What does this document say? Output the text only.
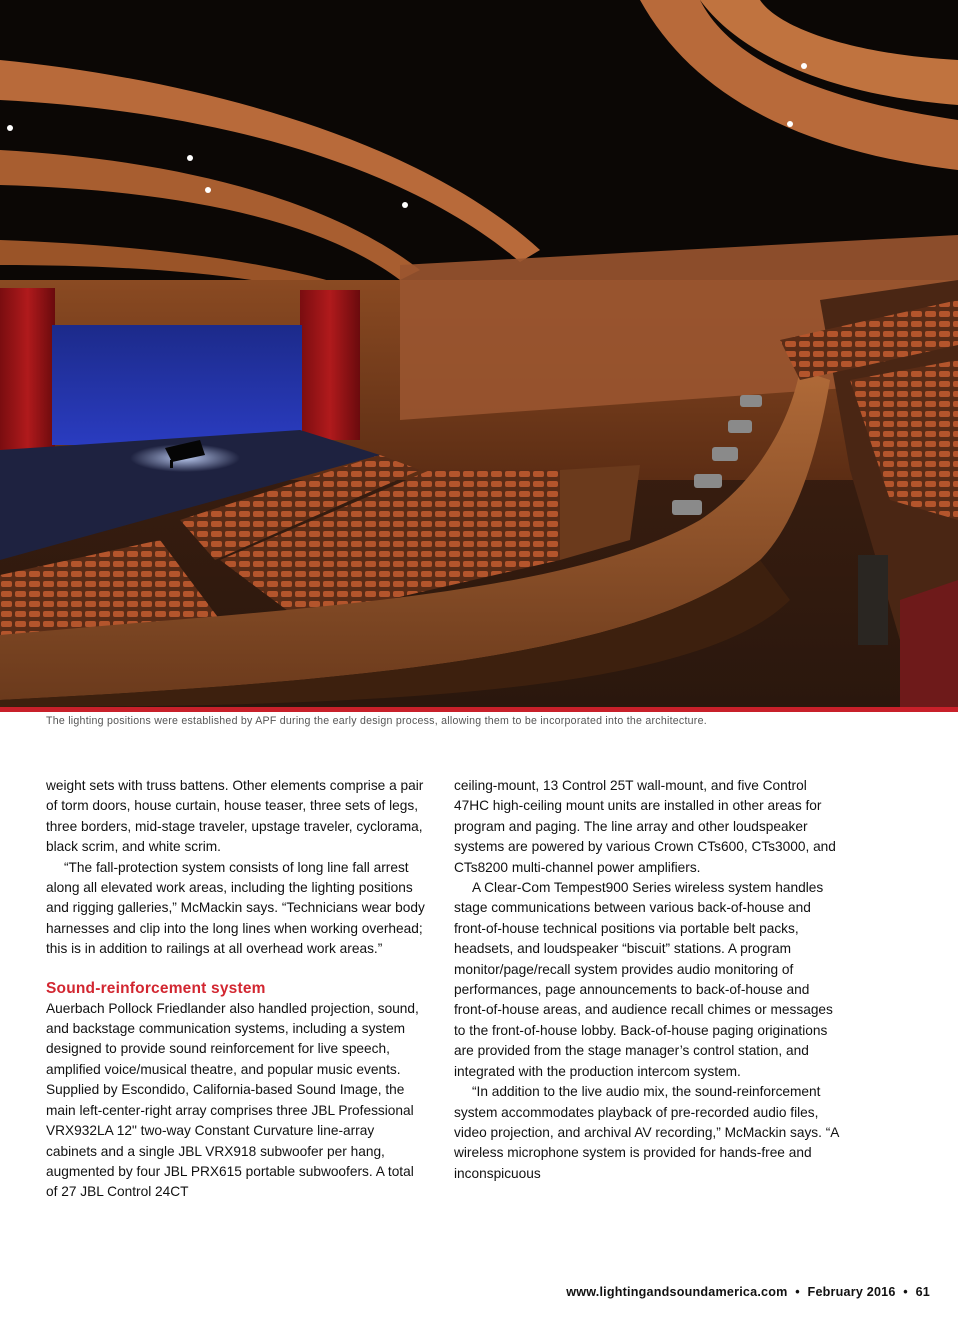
The lighting positions were established by APF during the early design process, allowing them to be incorporated into the architecture.

weight sets with truss battens. Other elements comprise a pair of torm doors, house curtain, house teaser, three sets of legs, three borders, mid-stage traveler, upstage traveler, cyclorama, black scrim, and white scrim.

“The fall-protection system consists of long line fall arrest along all elevated work areas, including the lighting positions and rigging galleries,” McMackin says. “Technicians wear body harnesses and clip into the long lines when working overhead; this is in addition to railings at all overhead work areas.”

Sound-reinforcement system

Auerbach Pollock Friedlander also handled projection, sound, and backstage communication systems, including a system designed to provide sound reinforcement for live speech, amplified voice/musical theatre, and popular music events. Supplied by Escondido, California-based Sound Image, the main left-center-right array comprises three JBL Professional VRX932LA 12" two-way Constant Curvature line-array cabinets and a single JBL VRX918 subwoofer per hang, augmented by four JBL PRX615 portable subwoofers. A total of 27 JBL Control 24CT

ceiling-mount, 13 Control 25T wall-mount, and five Control 47HC high-ceiling mount units are installed in other areas for program and paging. The line array and other loudspeaker systems are powered by various Crown CTs600, CTs3000, and CTs8200 multi-channel power amplifiers.

A Clear-Com Tempest900 Series wireless system handles stage communications between various back-of-house and front-of-house technical positions via portable belt packs, headsets, and loudspeaker “biscuit” stations. A program monitor/page/recall system provides audio monitoring of performances, page announcements to back-of-house and front-of-house areas, and audience recall chimes or messages to the front-of-house lobby. Back-of-house paging originations are provided from the stage manager’s control station, and integrated with the production intercom system.

“In addition to the live audio mix, the sound-reinforcement system accommodates playback of pre-recorded audio files, video projection, and archival AV recording,” McMackin says. “A wireless microphone system is provided for hands-free and inconspicuous

www.lightingandsoundamerica.com • February 2016 • 61
